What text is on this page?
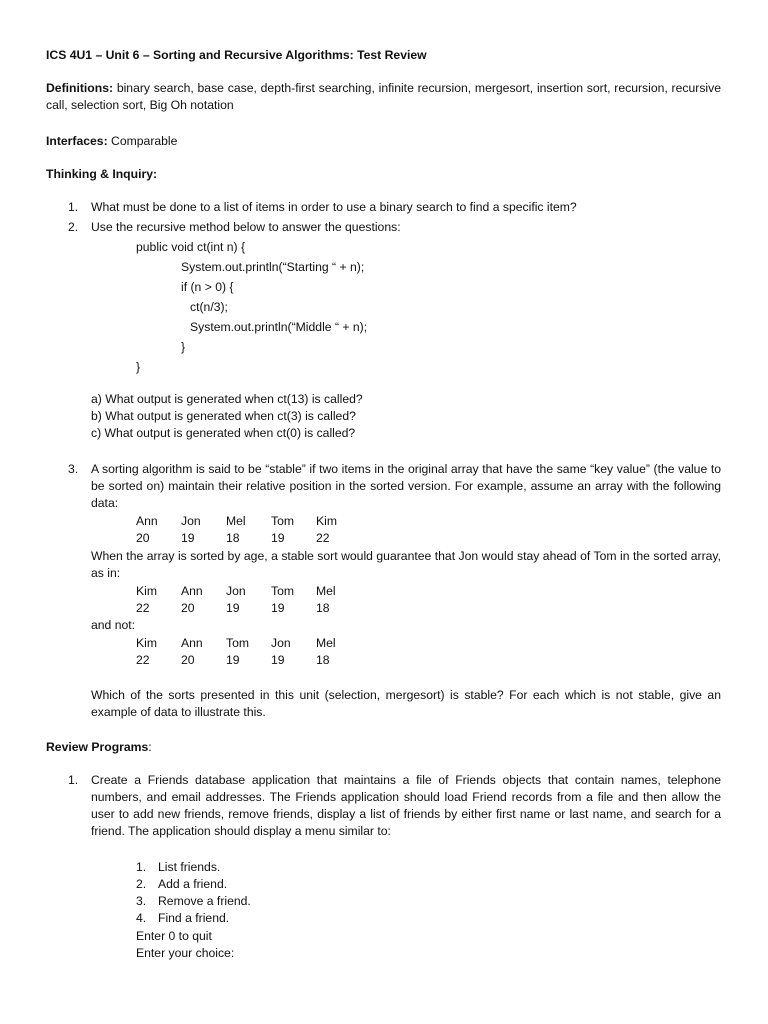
ICS 4U1 – Unit 6 – Sorting and Recursive Algorithms: Test Review
Definitions: binary search, base case, depth-first searching, infinite recursion, mergesort, insertion sort, recursion, recursive call, selection sort, Big Oh notation
Interfaces: Comparable
Thinking & Inquiry:
1. What must be done to a list of items in order to use a binary search to find a specific item?
2. Use the recursive method below to answer the questions:
public void ct(int n) {
System.out.println(“Starting “ + n);
if (n > 0) {
ct(n/3);
System.out.println(“Middle “ + n);
}
}
a) What output is generated when ct(13) is called?
b) What output is generated when ct(3) is called?
c) What output is generated when ct(0) is called?
3. A sorting algorithm is said to be “stable” if two items in the original array that have the same “key value” (the value to be sorted on) maintain their relative position in the sorted version. For example, assume an array with the following data:
Ann	Jon	Mel	Tom	Kim
20	19	18	19	22
When the array is sorted by age, a stable sort would guarantee that Jon would stay ahead of Tom in the sorted array, as in:
Kim	Ann	Jon	Tom	Mel
22	20	19	19	18
and not:
Kim	Ann	Tom	Jon	Mel
22	20	19	19	18
Which of the sorts presented in this unit (selection, mergesort) is stable? For each which is not stable, give an example of data to illustrate this.
Review Programs:
1. Create a Friends database application that maintains a file of Friends objects that contain names, telephone numbers, and email addresses. The Friends application should load Friend records from a file and then allow the user to add new friends, remove friends, display a list of friends by either first name or last name, and search for a friend. The application should display a menu similar to:
1. List friends.
2. Add a friend.
3. Remove a friend.
4. Find a friend.
Enter 0 to quit
Enter your choice:
